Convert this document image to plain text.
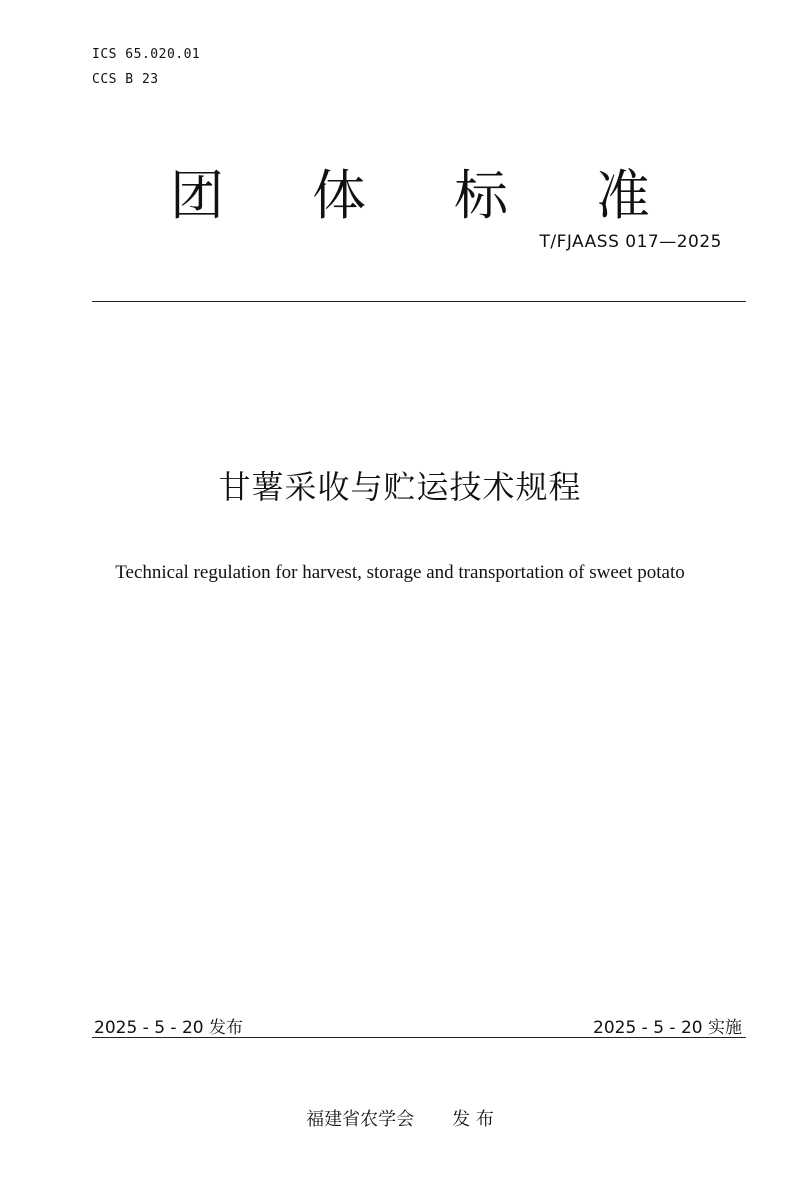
ICS 65.020.01
CCS B 23
团 体 标 准
T/FJAASS 017—2025
甘薯采收与贮运技术规程
Technical regulation for harvest, storage and transportation of sweet potato
2025 - 5 - 20 发布	2025 - 5 - 20 实施
福建省农学会 发 布
